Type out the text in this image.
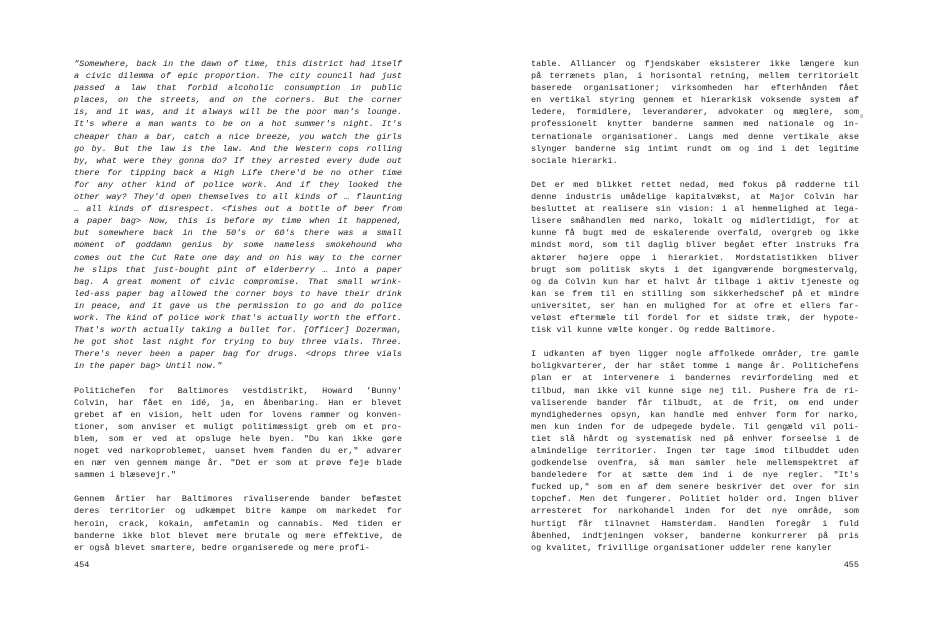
"Somewhere, back in the dawn of time, this district had itself
a civic dilemma of epic proportion. The city council had just
passed a law that forbid alcoholic consumption in public
places, on the streets, and on the corners. But the corner
is, and it was, and it always will be the poor man's lounge.
It's where a man wants to be on a hot summer's night. It's
cheaper than a bar, catch a nice breeze, you watch the girls
go by. But the law is the law. And the Western cops rolling
by, what were they gonna do? If they arrested every dude out
there for tipping back a High Life there'd be no other time
for any other kind of police work. And if they looked the
other way? They'd open themselves to all kinds of … flaunting
… all kinds of disrespect. <fishes out a bottle of beer from
a paper bag> Now, this is before my time when it happened,
but somewhere back in the 50's or 60's there was a small
moment of goddamn genius by some nameless smokehound who
comes out the Cut Rate one day and on his way to the corner
he slips that just-bought pint of elderberry … into a paper
bag. A great moment of civic compromise. That small wrink-
led-ass paper bag allowed the corner boys to have their drink
in peace, and it gave us the permission to go and do police
work. The kind of police work that's actually worth the effort.
That's worth actually taking a bullet for. [Officer] Dozerman,
he got shot last night for trying to buy three vials. Three.
There's never been a paper bag for drugs. <drops three vials
in the paper bag> Until now."
Politichefen for Baltimores vestdistrikt, Howard 'Bunny'
Colvin, har fået en idé, ja, en åbenbaring. Han er blevet
grebet af en vision, helt uden for lovens rammer og konven-
tioner, som anviser et muligt politimæssigt greb om et pro-
blem, som er ved at opsluge hele byen. "Du kan ikke gøre
noget ved narkoproblemet, uanset hvem fanden du er," advarer
en nær ven gennem mange år. "Det er som at prøve feje blade
sammen i blæsevejr."
Gennem årtier har Baltimores rivaliserende bander befæstet
deres territorier og udkæmpet bitre kampe om markedet for
heroin, crack, kokain, amfetamin og cannabis. Med tiden er
banderne ikke blot blevet mere brutale og mere effektive, de
er også blevet smartere, bedre organiserede og mere profi-
table. Alliancer og fjendskaber eksisterer ikke længere kun
på terrænets plan, i horisontal retning, mellem territorielt
baserede organisationer; virksomheden har efterhånden fået
en vertikal styring gennem et hierarkisk voksende system af
ledere, formidlere, leverandører, advokater og mæglere, som
professionelt knytter banderne sammen med nationale og in-
ternationale organisationer. Langs med denne vertikale akse
slynger banderne sig intimt rundt om og ind i det legitime
sociale hierarki.
Det er med blikket rettet nedad, med fokus på rødderne til
denne industris umådelige kapitalvækst, at Major Colvin har
besluttet at realisere sin vision: i al hemmelighed at lega-
lisere småhandlen med narko, lokalt og midlertidigt, for at
kunne få bugt med de eskalerende overfald, overgreb og ikke
mindst mord, som til daglig bliver begået efter instruks fra
aktører højere oppe i hierarkiet. Mordstatistikken bliver
brugt som politisk skyts i det igangværende borgmestervalg,
og da Colvin kun har et halvt år tilbage i aktiv tjeneste og
kan se frem til en stilling som sikkerhedschef på et mindre
universitet, ser han en mulighed for at ofre et ellers far-
veløst eftermæle til fordel for et sidste træk, der hypote-
tisk vil kunne vælte konger. Og redde Baltimore.
I udkanten af byen ligger nogle affolkede områder, tre gamle
boligkvarterer, der har stået tomme i mange år. Politichefens
plan er at intervenere i bandernes revirfordeling med et
tilbud, man ikke vil kunne sige nej til. Pushere fra de ri-
valiserende bander får tilbudt, at de frit, om end under
myndighedernes opsyn, kan handle med enhver form for narko,
men kun inden for de udpegede bydele. Til gengæld vil poli-
tiet slå hårdt og systematisk ned på enhver forseelse i de
almindelige territorier. Ingen tør tage imod tilbuddet uden
godkendelse ovenfra, så man samler hele mellemspektret af
bandeledere for at sætte dem ind i de nye regler. "It's
fucked up," som en af dem senere beskriver det over for sin
topchef. Men det fungerer. Politiet holder ord. Ingen bliver
arresteret for narkohandel inden for det nye område, som
hurtigt får tilnavnet Hamsterdam. Handlen foregår i fuld
åbenhed, indtjeningen vokser, banderne konkurrerer på pris
og kvalitet, frivillige organisationer uddeler rene kanyler
454	455
